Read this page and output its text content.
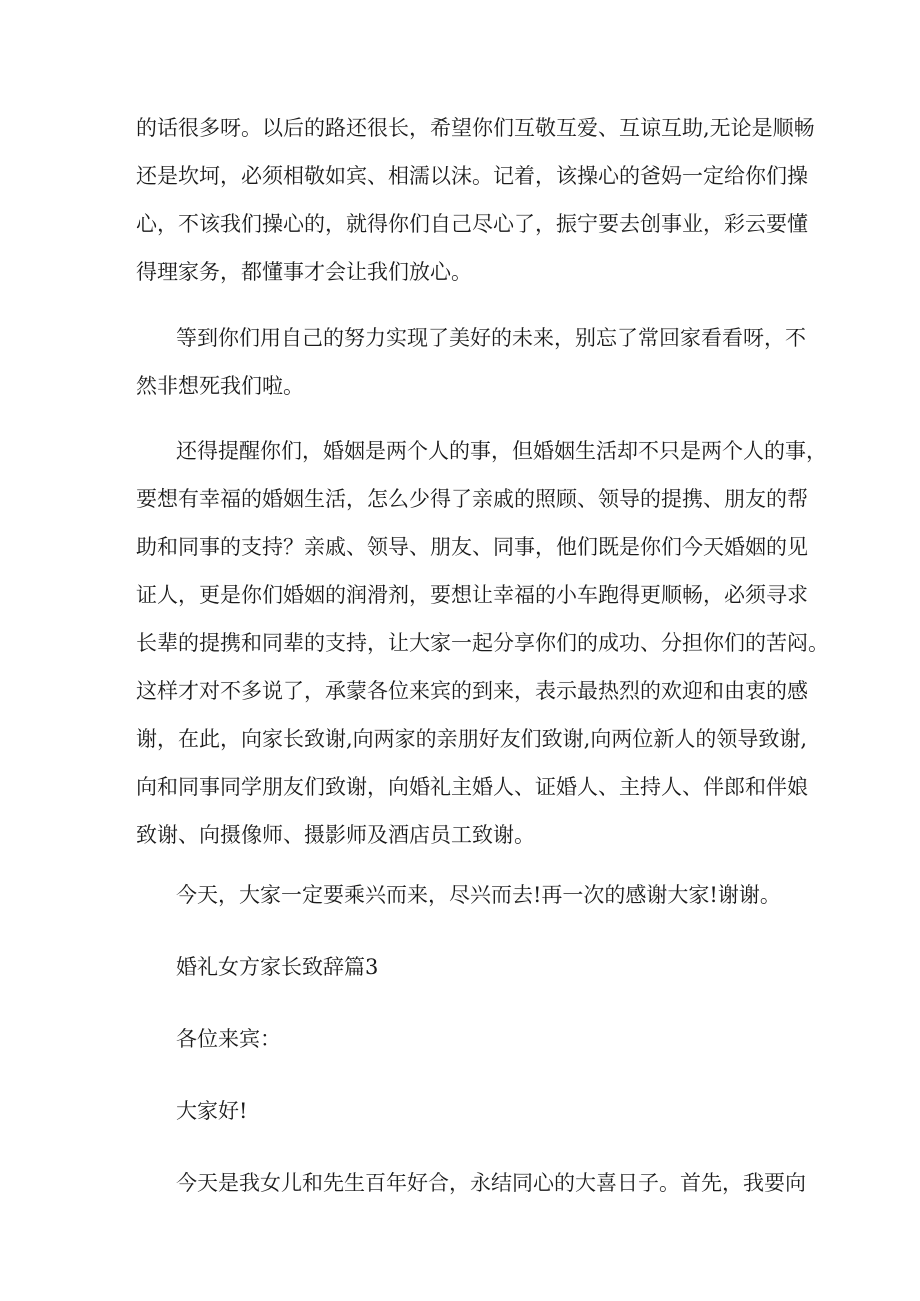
的话很多呀。以后的路还很长，希望你们互敬互爱、互谅互助,无论是顺畅
还是坎坷，必须相敬如宾、相濡以沫。记着，该操心的爸妈一定给你们操
心，不该我们操心的，就得你们自己尽心了，振宁要去创事业，彩云要懂
得理家务，都懂事才会让我们放心。
等到你们用自己的努力实现了美好的未来，别忘了常回家看看呀，不
然非想死我们啦。
还得提醒你们，婚姻是两个人的事，但婚姻生活却不只是两个人的事，
要想有幸福的婚姻生活，怎么少得了亲戚的照顾、领导的提携、朋友的帮
助和同事的支持？亲戚、领导、朋友、同事，他们既是你们今天婚姻的见
证人，更是你们婚姻的润滑剂，要想让幸福的小车跑得更顺畅，必须寻求
长辈的提携和同辈的支持，让大家一起分享你们的成功、分担你们的苦闷。
这样才对不多说了，承蒙各位来宾的到来，表示最热烈的欢迎和由衷的感
谢，在此，向家长致谢,向两家的亲朋好友们致谢,向两位新人的领导致谢,
向和同事同学朋友们致谢，向婚礼主婚人、证婚人、主持人、伴郎和伴娘
致谢、向摄像师、摄影师及酒店员工致谢。
今天，大家一定要乘兴而来，尽兴而去!再一次的感谢大家!谢谢。
婚礼女方家长致辞篇3
各位来宾：
大家好!
今天是我女儿和先生百年好合，永结同心的大喜日子。首先，我要向
